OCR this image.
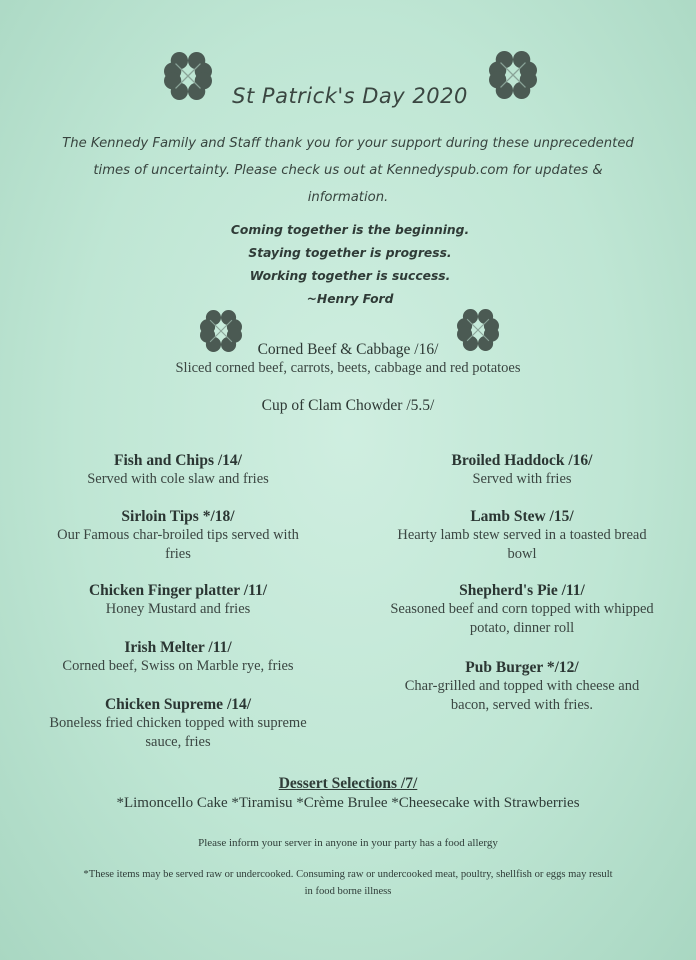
St Patrick's Day 2020
The Kennedy Family and Staff thank you for your support during these unprecedented
times of uncertainty. Please check us out at Kennedyspub.com for updates &
information.
Coming together is the beginning.
Staying together is progress.
Working together is success.
~Henry Ford
Corned Beef & Cabbage /16/
Sliced corned beef, carrots, beets, cabbage and red potatoes
Cup of Clam Chowder /5.5/
Fish and Chips /14/
Served with cole slaw and fries
Sirloin Tips */18/
Our Famous char-broiled tips served with
fries
Chicken Finger platter /11/
Honey Mustard and fries
Irish Melter /11/
Corned beef, Swiss on Marble rye, fries
Chicken Supreme /14/
Boneless fried chicken topped with supreme
sauce, fries
Broiled Haddock /16/
Served with fries
Lamb Stew /15/
Hearty lamb stew served in a toasted bread
bowl
Shepherd's Pie /11/
Seasoned beef and corn topped with whipped
potato, dinner roll
Pub Burger */12/
Char-grilled and topped with cheese and
bacon, served with fries.
Dessert Selections /7/
*Limoncello Cake *Tiramisu *Crème Brulee *Cheesecake with Strawberries
Please inform your server in anyone in your party has a food allergy
*These items may be served raw or undercooked. Consuming raw or undercooked meat, poultry, shellfish or eggs may result
in food borne illness
